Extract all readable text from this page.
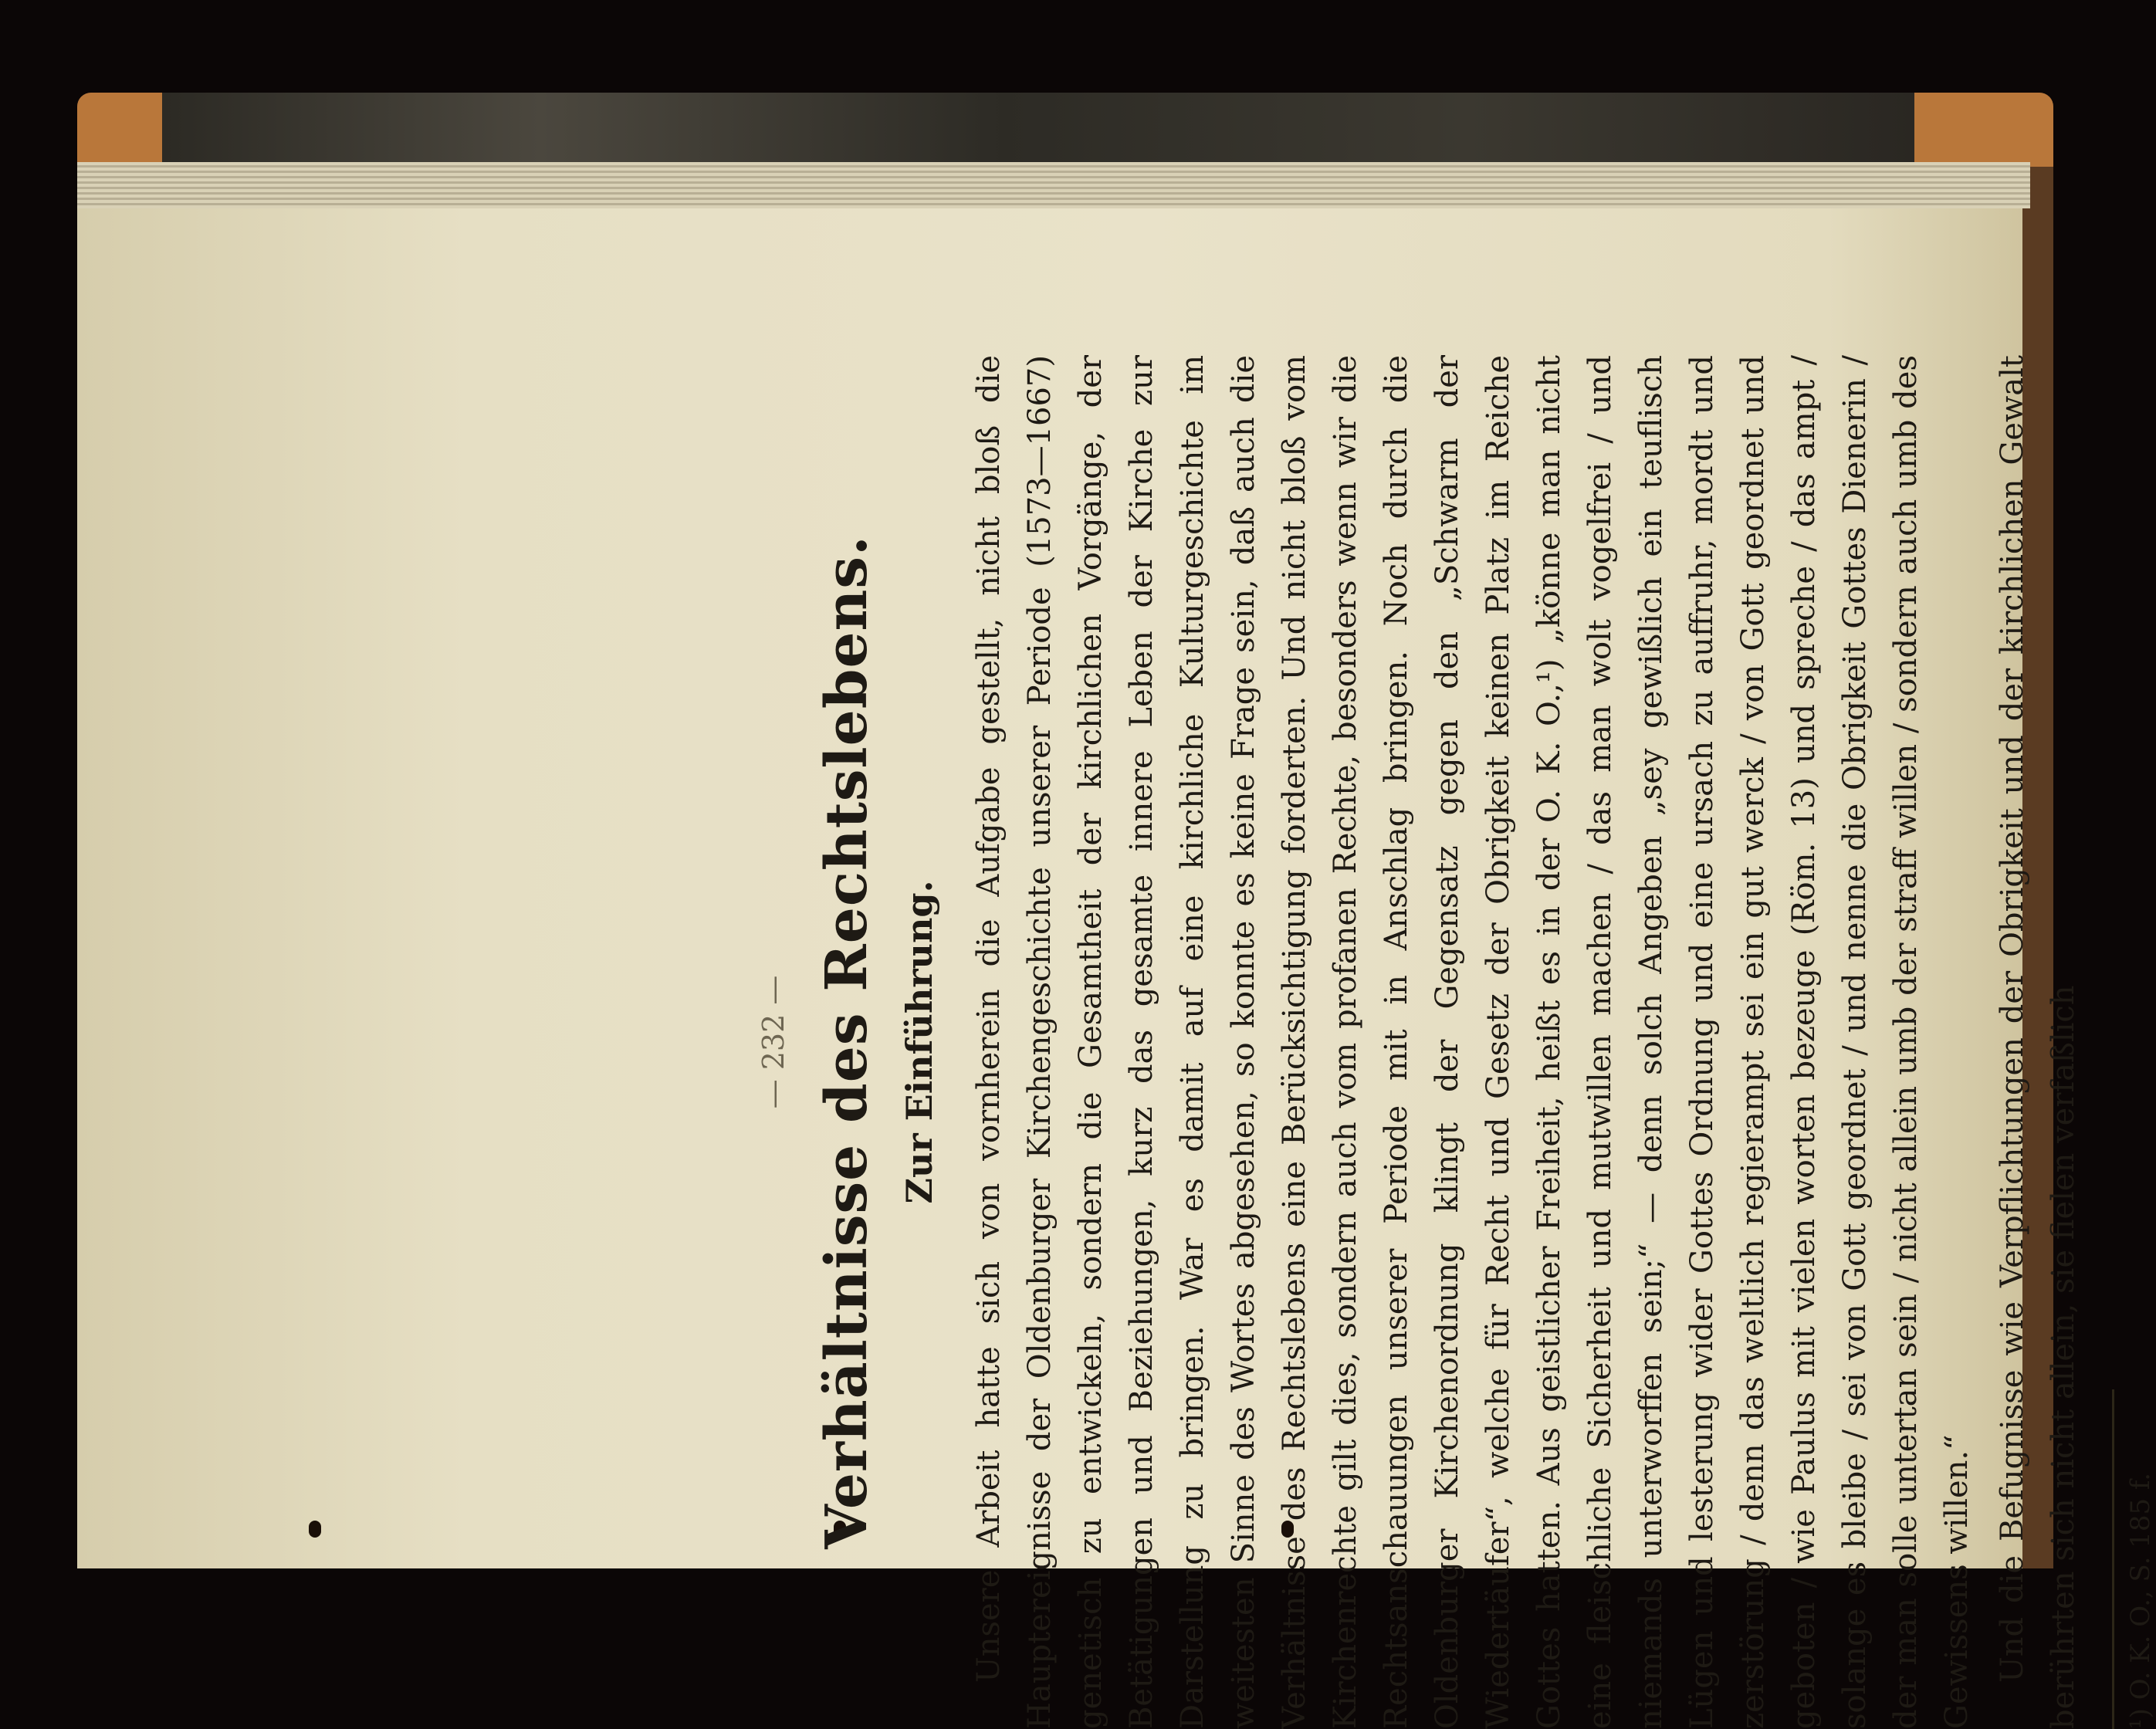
— 232 — Verhältnisse des Rechtslebens. Zur Einführung. Unsere Arbeit hatte sich von vornherein die Aufgabe gestellt, nicht bloß die Hauptereignisse der Oldenburger Kirchengeschichte unserer Periode (1573—1667) genetisch zu entwickeln, sondern die Gesamtheit der kirchlichen Vorgänge, der Betätigungen und Beziehungen, kurz das gesamte innere Leben der Kirche zur Darstellung zu bringen. War es damit auf eine kirchliche Kulturgeschichte im weitesten Sinne des Wortes abgesehen, so konnte es keine Frage sein, daß auch die Verhältnisse des Rechtslebens eine Berücksichtigung forderten. Und nicht bloß vom Kirchenrechte gilt dies, sondern auch vom profanen Rechte, besonders wenn wir die Rechtsanschauungen unserer Periode mit in Anschlag bringen. Noch durch die Oldenburger Kirchenordnung klingt der Gegensatz gegen den „Schwarm der Wiedertäufer“, welche für Recht und Gesetz der Obrigkeit keinen Platz im Reiche Gottes hatten. Aus geistlicher Freiheit, heißt es in der O. K. O.,¹) „könne man nicht eine fleischliche Sicherheit und mutwillen machen / das man wolt vogelfrei / und niemands unterworffen sein;“ — denn solch Angeben „sey gewißlich ein teuflisch Lügen und lesterung wider Gottes Ordnung und eine ursach zu auffruhr, mordt und zerstörung / denn das weltlich regierampt sei ein gut werck / von Gott geordnet und geboten / wie Paulus mit vielen worten bezeuge (Röm. 13) und spreche / das ampt / solange es bleibe / sei von Gott geordnet / und nenne die Obrigkeit Gottes Dienerin / der man solle untertan sein / nicht allein umb der straff willen / sondern auch umb des Gewissens willen.“ Und die Befugnisse wie Verpflichtungen der Obrigkeit und der kirchlichen Gewalt berührten sich nicht allein, sie fielen verfaßlich ¹) O. K. O., S. 185 f.
